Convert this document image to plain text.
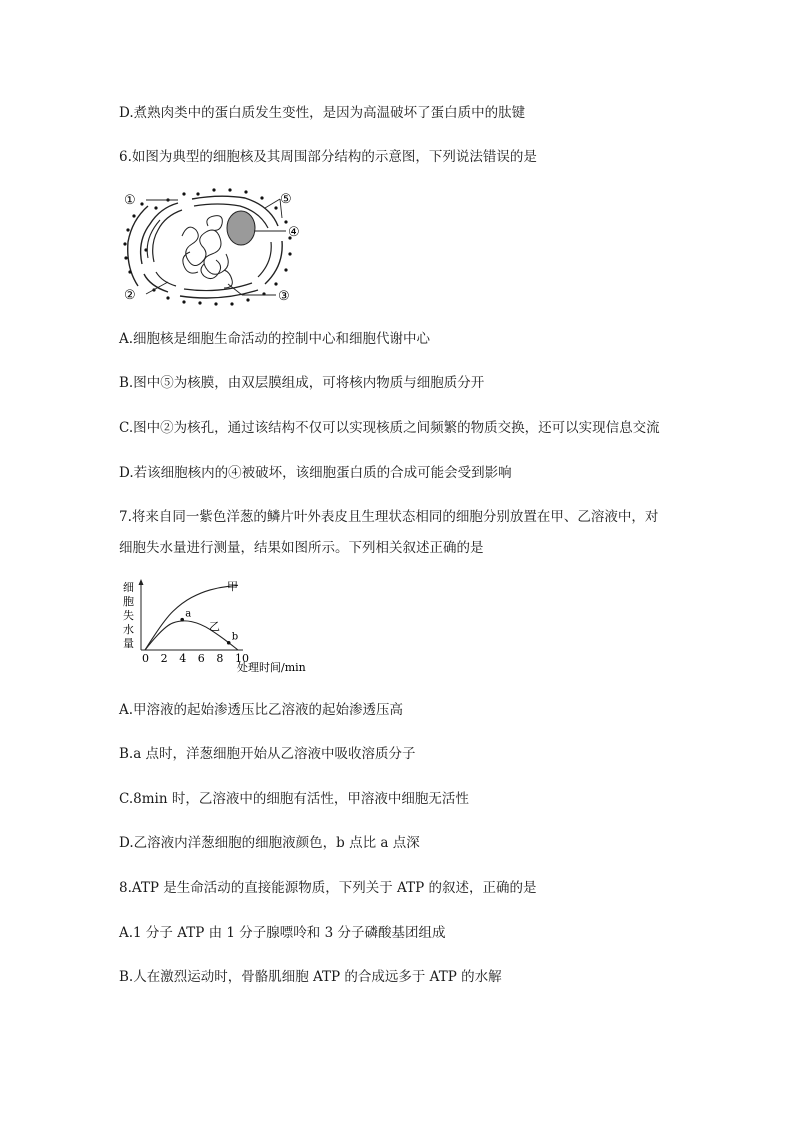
D.煮熟肉类中的蛋白质发生变性，是因为高温破坏了蛋白质中的肽键
6.如图为典型的细胞核及其周围部分结构的示意图，下列说法错误的是
①
②	③
④
⑤
A.细胞核是细胞生命活动的控制中心和细胞代谢中心
B.图中⑤为核膜，由双层膜组成，可将核内物质与细胞质分开
C.图中②为核孔，通过该结构不仅可以实现核质之间频繁的物质交换，还可以实现信息交流
D.若该细胞核内的④被破坏，该细胞蛋白质的合成可能会受到影响
7.将来自同一紫色洋葱的鳞片叶外表皮且生理状态相同的细胞分别放置在甲、乙溶液中，对
细胞失水量进行测量，结果如图所示。下列相关叙述正确的是
细
胞
失
水
量
0 2 4 6 8 10
甲
乙
a
b
处理时间/min
A.甲溶液的起始渗透压比乙溶液的起始渗透压高
B.a 点时，洋葱细胞开始从乙溶液中吸收溶质分子
C.8min 时，乙溶液中的细胞有活性，甲溶液中细胞无活性
D.乙溶液内洋葱细胞的细胞液颜色，b 点比 a 点深
8.ATP 是生命活动的直接能源物质，下列关于 ATP 的叙述，正确的是
A.1 分子 ATP 由 1 分子腺嘌呤和 3 分子磷酸基团组成
B.人在激烈运动时，骨骼肌细胞 ATP 的合成远多于 ATP 的水解
